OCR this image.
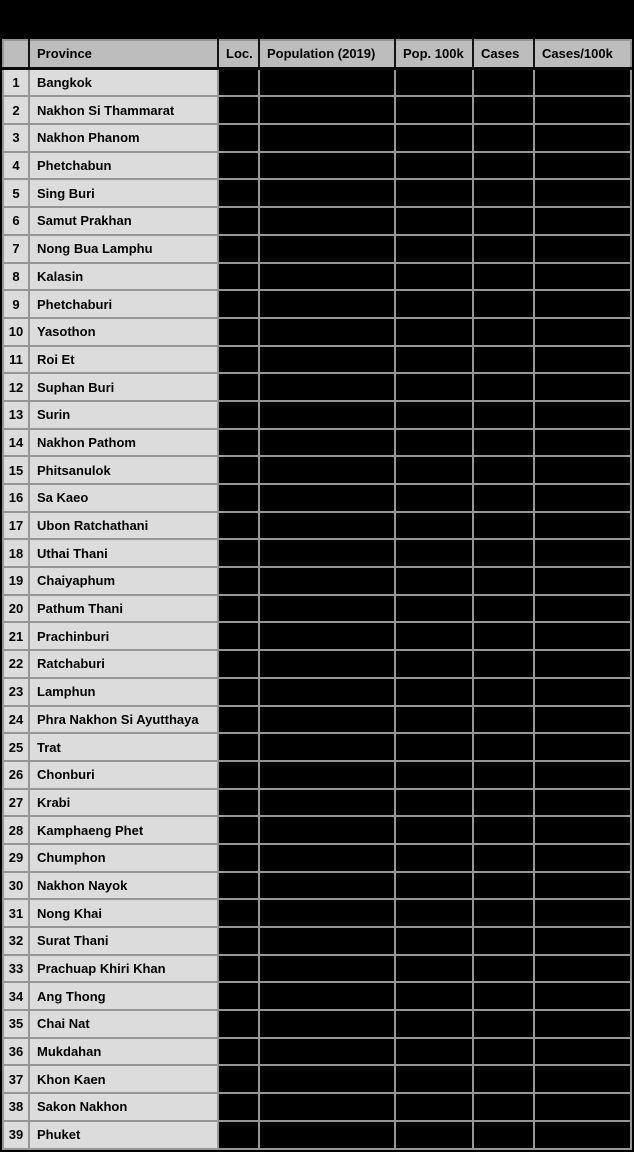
	Province	Loc.	Population (2019)	Pop. 100k	Cases	Cases/100k
1	Bangkok					
2	Nakhon Si Thammarat					
3	Nakhon Phanom					
4	Phetchabun					
5	Sing Buri					
6	Samut Prakhan					
7	Nong Bua Lamphu					
8	Kalasin					
9	Phetchaburi					
10	Yasothon					
11	Roi Et					
12	Suphan Buri					
13	Surin					
14	Nakhon Pathom					
15	Phitsanulok					
16	Sa Kaeo					
17	Ubon Ratchathani					
18	Uthai Thani					
19	Chaiyaphum					
20	Pathum Thani					
21	Prachinburi					
22	Ratchaburi					
23	Lamphun					
24	Phra Nakhon Si Ayutthaya					
25	Trat					
26	Chonburi					
27	Krabi					
28	Kamphaeng Phet					
29	Chumphon					
30	Nakhon Nayok					
31	Nong Khai					
32	Surat Thani					
33	Prachuap Khiri Khan					
34	Ang Thong					
35	Chai Nat					
36	Mukdahan					
37	Khon Kaen					
38	Sakon Nakhon					
39	Phuket					
